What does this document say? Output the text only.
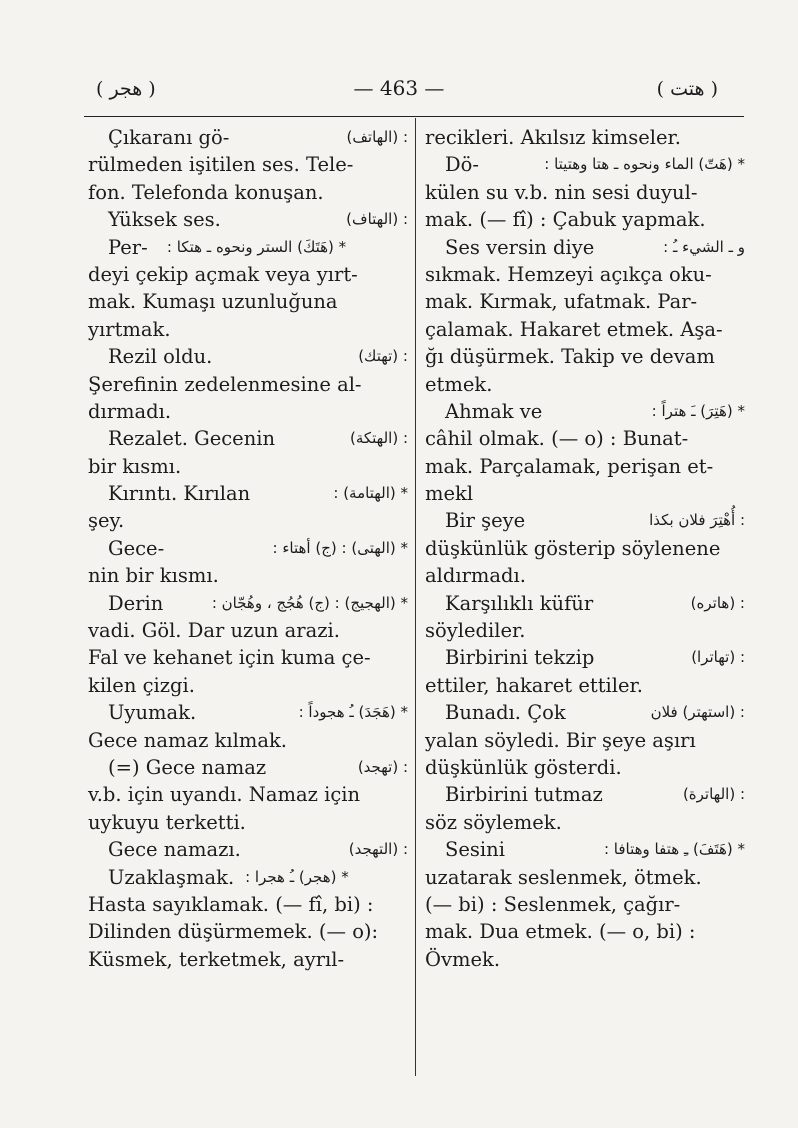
( هجر )	— 463 —	( هتت )
: (الهاتف)
Çıkaranı gö-
rülmeden işitilen ses. Tele-
fon. Telefonda konuşan.
: (الهتاف)
Yüksek ses.
* (هَتَكَ) الستر ونحوه ـ هتكا :
Per-
deyi çekip açmak veya yırt-
mak. Kumaşı uzunluğuna
yırtmak.
: (تهتك)
Rezil oldu.
Şerefinin zedelenmesine al-
dırmadı.
: (الهتكة)
Rezalet. Gecenin
bir kısmı.
* (الهتامة) :
Kırıntı. Kırılan
şey.
* (الهتى) : (ج) أهتاء :
Gece-
nin bir kısmı.
* (الهجيج) : (ج) هُجُج ، وهُجّان :
Derin
vadi. Göl. Dar uzun arazi.
Fal ve kehanet için kuma çe-
kilen çizgi.
* (هَجَدَ) ـُ هجوداً :
Uyumak.
Gece namaz kılmak.
: (تهجد)
(=) Gece namaz
v.b. için uyandı. Namaz için
uykuyu terketti.
: (التهجد)
Gece namazı.
* (هجر) ـُ هجرا :
Uzaklaşmak.
Hasta sayıklamak. (— fî, bi) :
Dilinden düşürmemek. (— o):
Küsmek, terketmek, ayrıl-
recikleri. Akılsız kimseler.
* (هَتّ) الماء ونحوه ـ هتا وهتيتا :
Dö-
külen su v.b. nin sesi duyul-
mak. (— fî) : Çabuk yapmak.
و ـ الشيء ـُ :
Ses versin diye
sıkmak. Hemzeyi açıkça oku-
mak. Kırmak, ufatmak. Par-
çalamak. Hakaret etmek. Aşa-
ğı düşürmek. Takip ve devam
etmek.
* (هَتِرَ) ـَ هتراً :
Ahmak ve
câhil olmak. (— o) : Bunat-
mak. Parçalamak, perişan et-
mekl
: أُهْتِرَ فلان بكذا
Bir şeye
düşkünlük gösterip söylenene
aldırmadı.
: (هاتره)
Karşılıklı küfür
söylediler.
: (تهاترا)
Birbirini tekzip
ettiler, hakaret ettiler.
: (استهتر) فلان
Bunadı. Çok
yalan söyledi. Bir şeye aşırı
düşkünlük gösterdi.
: (الهاترة)
Birbirini tutmaz
söz söylemek.
* (هَتَفَ) ـِ هتفا وهتافا :
Sesini
uzatarak seslenmek, ötmek.
(— bi) : Seslenmek, çağır-
mak. Dua etmek. (— o, bi) :
Övmek.
